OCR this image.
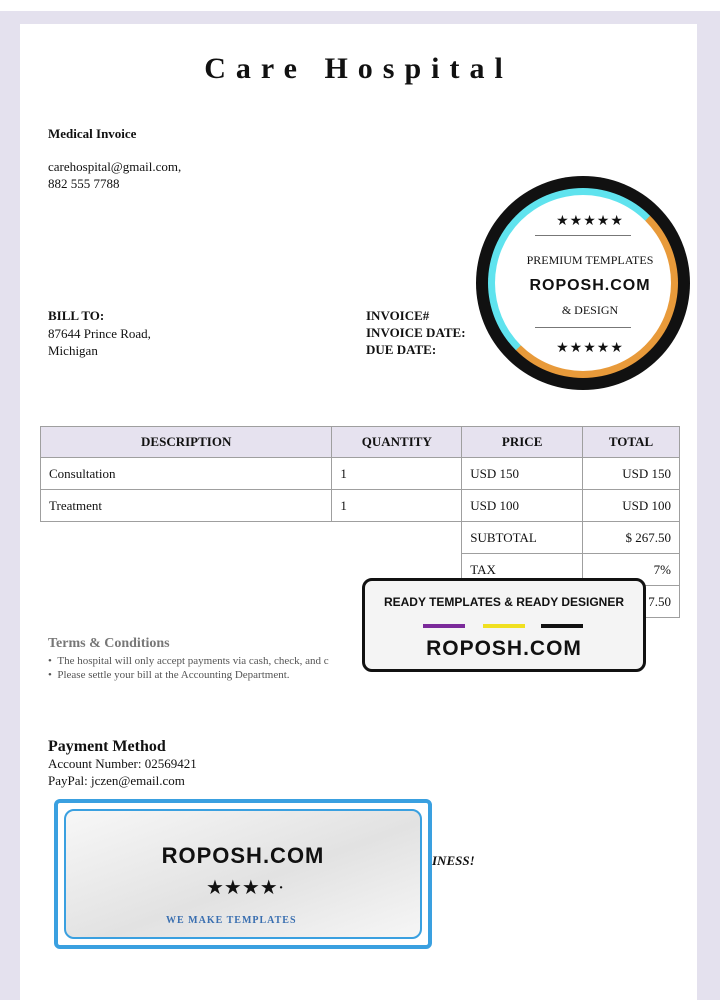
Care Hospital
Medical Invoice
carehospital@gmail.com,
882 555 7788
BILL TO:
87644 Prince Road,
Michigan
INVOICE#
INVOICE DATE:
DUE DATE:
DESCRIPTION	QUANTITY	PRICE	TOTAL
Consultation	1	USD 150	USD 150
Treatment	1	USD 100	USD 100
		SUBTOTAL	$ 267.50
		TAX	7%
			7.50
Terms & Conditions
•  The hospital will only accept payments via cash, check, and c
•  Please settle your bill at the Accounting Department.
Payment Method
Account Number: 02569421
PayPal: jczen@email.com
INESS!
★★★★★
PREMIUM TEMPLATES
ROPOSH.COM
& DESIGN
★★★★★
READY TEMPLATES & READY DESIGNER
ROPOSH.COM
ROPOSH.COM
★★★★·
WE MAKE TEMPLATES
